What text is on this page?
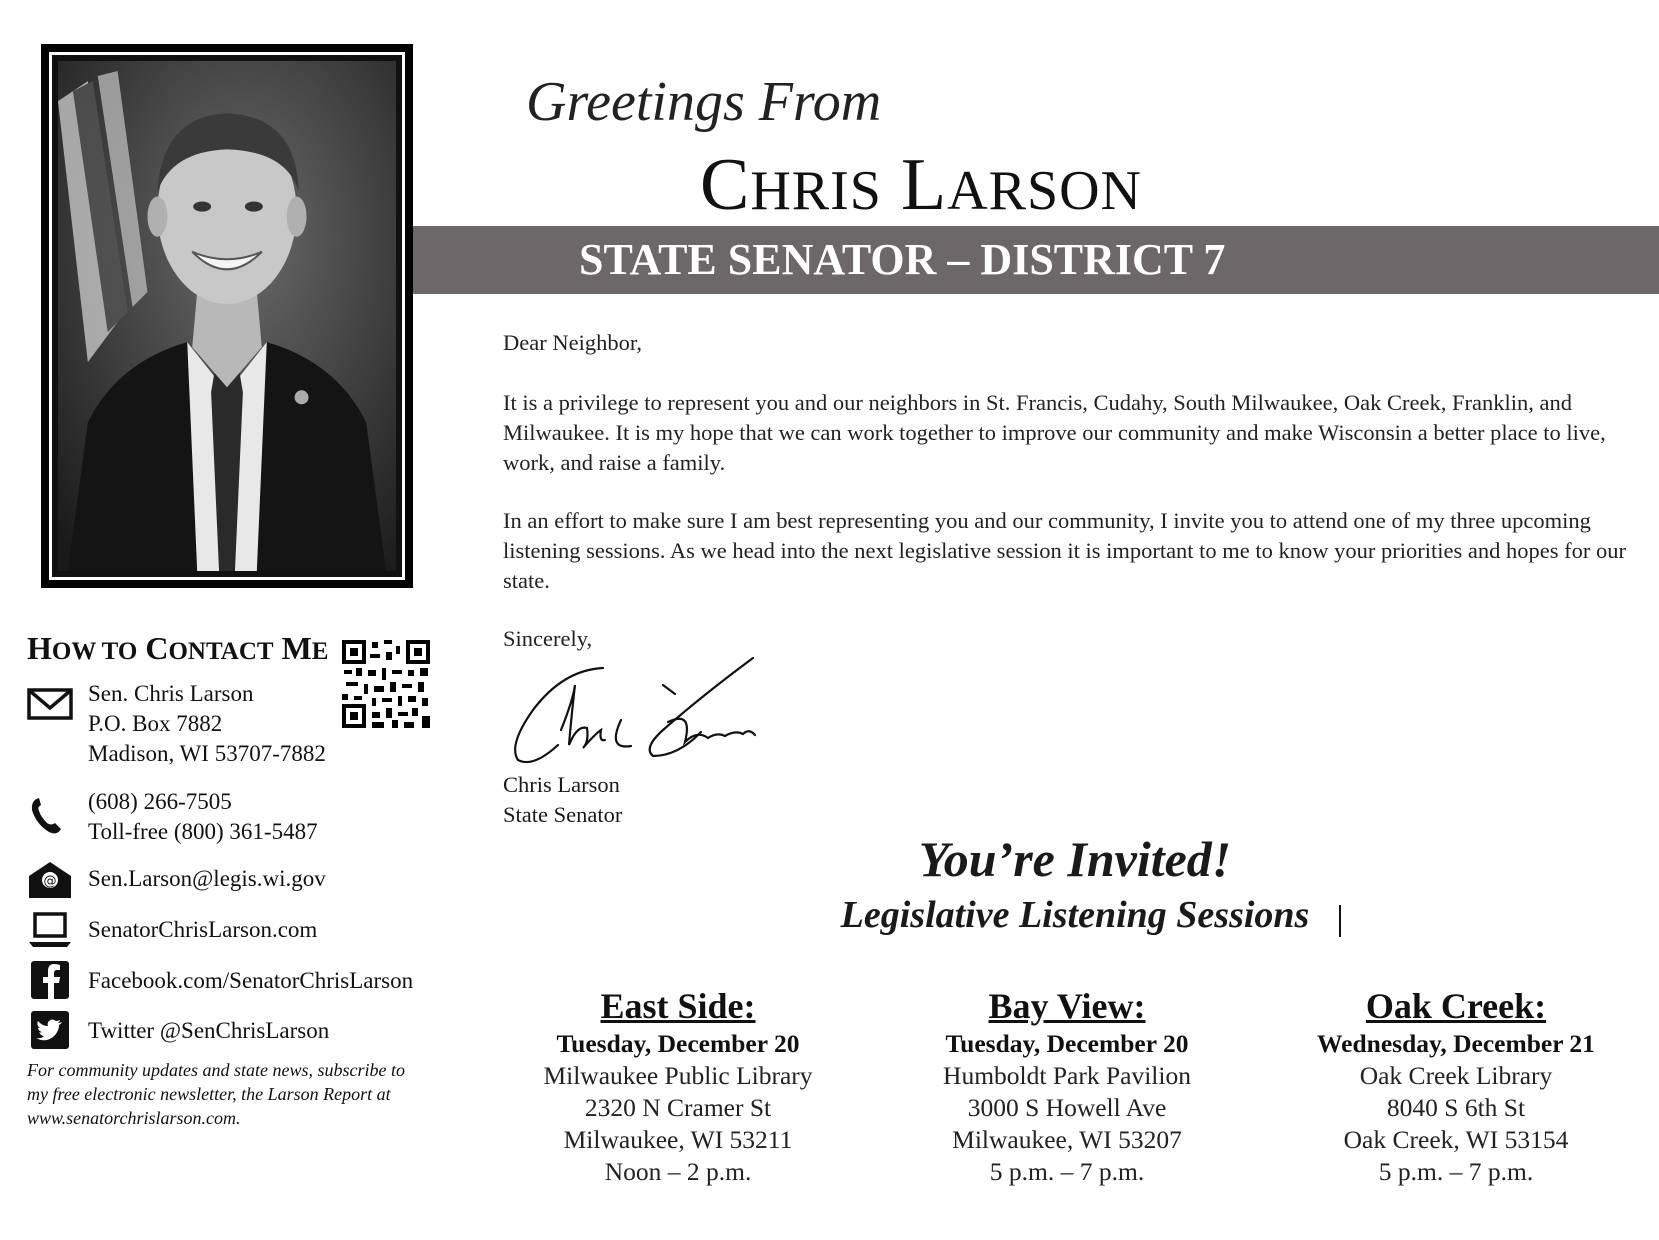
Greetings From
CHRIS LARSON
STATE SENATOR – DISTRICT 7
Dear Neighbor,
It is a privilege to represent you and our neighbors in St. Francis, Cudahy, South Milwaukee, Oak Creek, Franklin, and Milwaukee. It is my hope that we can work together to improve our community and make Wisconsin a better place to live, work, and raise a family.
In an effort to make sure I am best representing you and our community, I invite you to attend one of my three upcoming listening sessions. As we head into the next legislative session it is important to me to know your priorities and hopes for our state.
Sincerely,
Chris Larson
State Senator
You’re Invited!
Legislative Listening Sessions
East Side:
Tuesday, December 20
Milwaukee Public Library
2320 N Cramer St
Milwaukee, WI 53211
Noon – 2 p.m.
Bay View:
Tuesday, December 20
Humboldt Park Pavilion
3000 S Howell Ave
Milwaukee, WI 53207
5 p.m. – 7 p.m.
Oak Creek:
Wednesday, December 21
Oak Creek Library
8040 S 6th St
Oak Creek, WI 53154
5 p.m. – 7 p.m.
HOW TO CONTACT ME
Sen. Chris Larson
P.O. Box 7882
Madison, WI 53707-7882
(608) 266-7505
Toll-free (800) 361-5487
@ Sen.Larson@legis.wi.gov
SenatorChrisLarson.com
Facebook.com/SenatorChrisLarson
Twitter @SenChrisLarson
For community updates and state news, subscribe to my free electronic newsletter, the Larson Report at www.senatorchrislarson.com.
